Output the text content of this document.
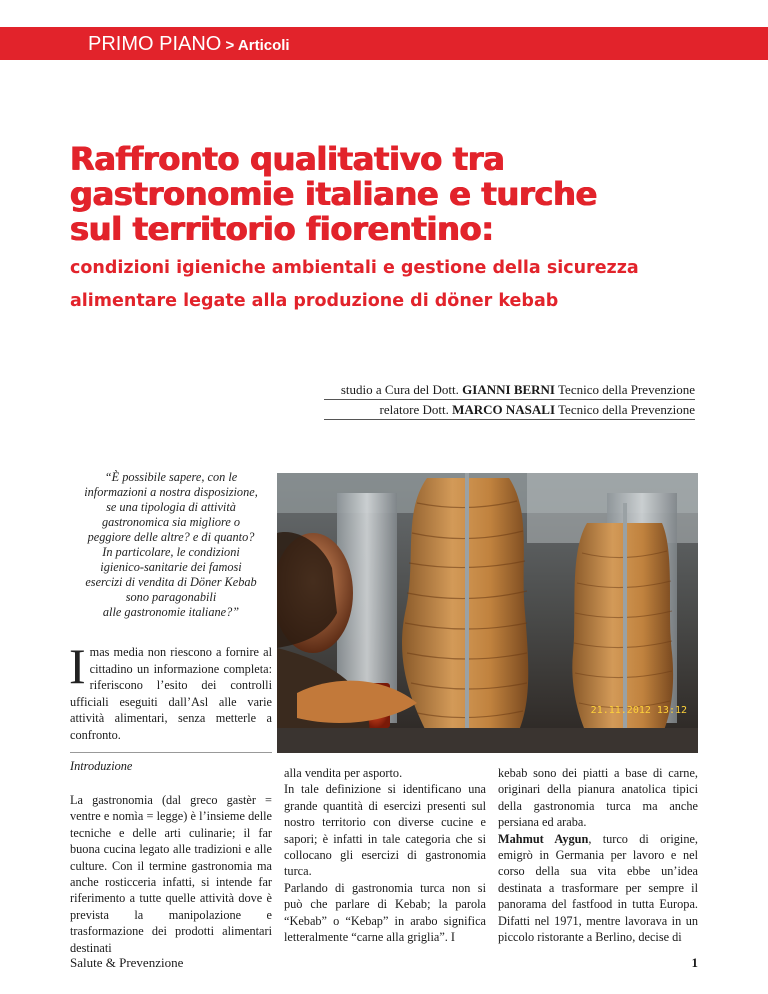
PRIMO PIANO > Articoli
Raffronto qualitativo tra
gastronomie italiane e turche
sul territorio fiorentino:
condizioni igieniche ambientali e gestione della sicurezza
alimentare legate alla produzione di döner kebab
studio a Cura del Dott. GIANNI BERNI Tecnico della Prevenzione
relatore Dott. MARCO NASALI Tecnico della Prevenzione
“È possibile sapere, con le
informazioni a nostra disposizione,
se una tipologia di attività
gastronomica sia migliore o
peggiore delle altre? e di quanto?
In particolare, le condizioni
igienico-sanitarie dei famosi
esercizi di vendita di Döner Kebab
sono paragonabili
alle gastronomie italiane?”
Imas media non riescono a fornire al cittadino un informazione completa: riferiscono l’esito dei controlli ufficiali eseguiti dall’Asl alle varie attività alimentari, senza metterle a confronto.
21.11.2012 13:12
Introduzione

La gastronomia (dal greco gastèr = ventre e nomìa = legge) è l’insieme delle tecniche e delle arti culinarie; il far buona cucina legato alle tradizioni e alle culture. Con il termine gastronomia ma anche rosticceria infatti, si intende far riferimento a tutte quelle attività dove è prevista la manipolazione e trasformazione dei prodotti alimentari destinati

alla vendita per asporto.

In tale definizione si identificano una grande quantità di esercizi presenti sul nostro territorio con diverse cucine e sapori; è infatti in tale categoria che si collocano gli esercizi di gastronomia turca.

Parlando di gastronomia turca non si può che parlare di Kebab; la parola “Kebab” o “Kebap” in arabo significa letteralmente “carne alla griglia”. I

kebab sono dei piatti a base di carne, originari della pianura anatolica tipici della gastronomia turca ma anche persiana ed araba.

Mahmut Aygun, turco di origine, emigrò in Germania per lavoro e nel corso della sua vita ebbe un’idea destinata a trasformare per sempre il panorama del fastfood in tutta Europa. Difatti nel 1971, mentre lavorava in un piccolo ristorante a Berlino, decise di

Salute & Prevenzione	1
